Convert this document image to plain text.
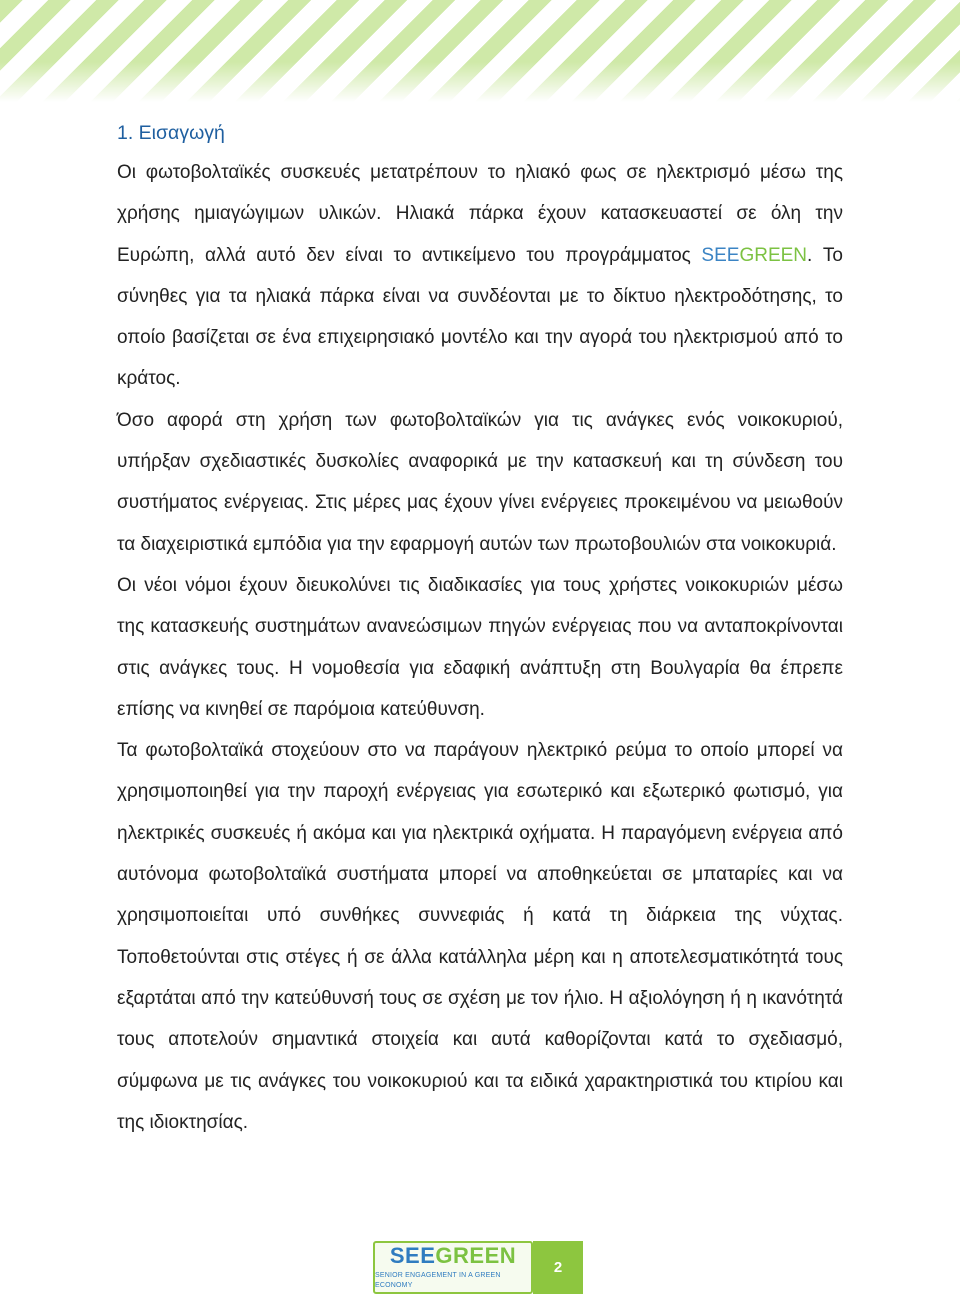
1. Εισαγωγή

Οι φωτοβολταϊκές συσκευές μετατρέπουν το ηλιακό φως σε ηλεκτρισμό μέσω της χρήσης ημιαγώγιμων υλικών. Ηλιακά πάρκα έχουν κατασκευαστεί σε όλη την Ευρώπη, αλλά αυτό δεν είναι το αντικείμενο του προγράμματος SEEGREEN. Το σύνηθες για τα ηλιακά πάρκα είναι να συνδέονται με το δίκτυο ηλεκτροδότησης, το οποίο βασίζεται σε ένα επιχειρησιακό μοντέλο και την αγορά του ηλεκτρισμού από το κράτος.

Όσο αφορά στη χρήση των φωτοβολταϊκών για τις ανάγκες ενός νοικοκυριού, υπήρξαν σχεδιαστικές δυσκολίες αναφορικά με την κατασκευή και τη σύνδεση του συστήματος ενέργειας. Στις μέρες μας έχουν γίνει ενέργειες προκειμένου να μειωθούν τα διαχειριστικά εμπόδια για την εφαρμογή αυτών των πρωτοβουλιών στα νοικοκυριά.

Οι νέοι νόμοι έχουν διευκολύνει τις διαδικασίες για τους χρήστες νοικοκυριών μέσω της κατασκευής συστημάτων ανανεώσιμων πηγών ενέργειας που να ανταποκρίνονται στις ανάγκες τους. Η νομοθεσία για εδαφική ανάπτυξη στη Βουλγαρία θα έπρεπε επίσης να κινηθεί σε παρόμοια κατεύθυνση.

Τα φωτοβολταϊκά στοχεύουν στο να παράγουν ηλεκτρικό ρεύμα το οποίο μπορεί να χρησιμοποιηθεί για την παροχή ενέργειας για εσωτερικό και εξωτερικό φωτισμό, για ηλεκτρικές συσκευές ή ακόμα και για ηλεκτρικά οχήματα. Η παραγόμενη ενέργεια από αυτόνομα φωτοβολταϊκά συστήματα μπορεί να αποθηκεύεται σε μπαταρίες και να χρησιμοποιείται υπό συνθήκες συννεφιάς ή κατά τη διάρκεια της νύχτας. Τοποθετούνται στις στέγες ή σε άλλα κατάλληλα μέρη και η αποτελεσματικότητά τους εξαρτάται από την κατεύθυνσή τους σε σχέση με τον ήλιο. Η αξιολόγηση ή η ικανότητά τους αποτελούν σημαντικά στοιχεία και αυτά καθορίζονται κατά το σχεδιασμό, σύμφωνα με τις ανάγκες του νοικοκυριού και τα ειδικά χαρακτηριστικά του κτιρίου και της ιδιοκτησίας.

SEEGREEN
SENIOR ENGAGEMENT IN A GREEN ECONOMY
2
